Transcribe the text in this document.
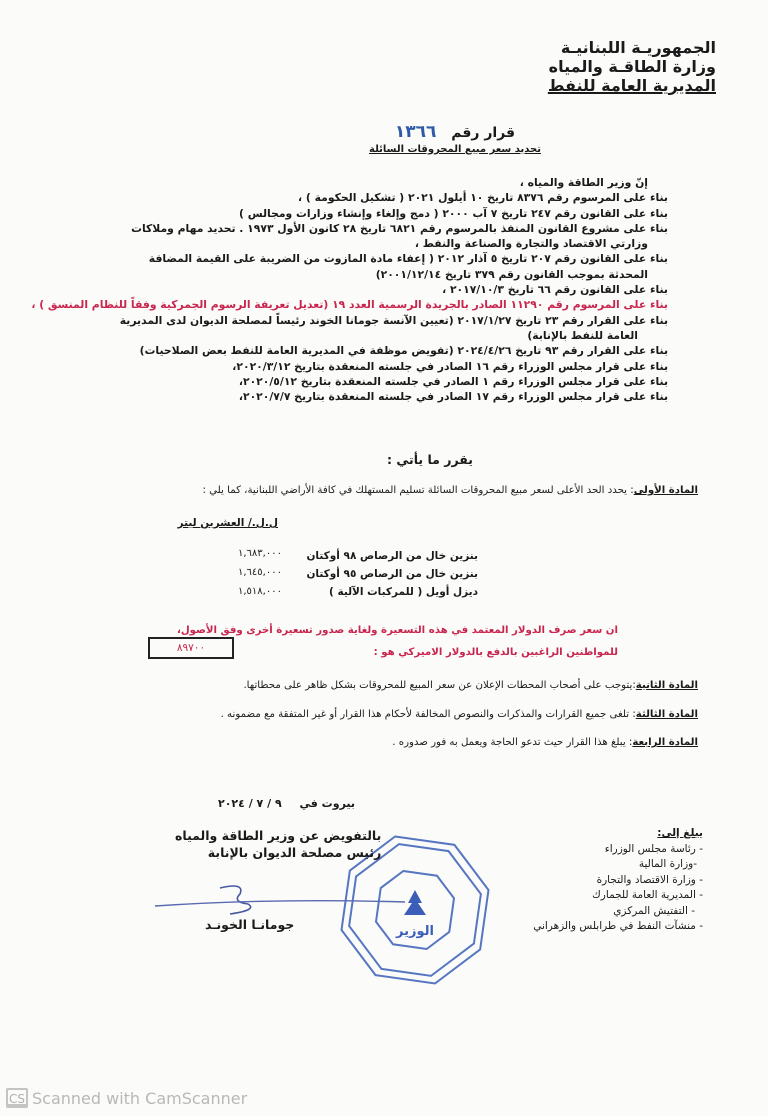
الجمهوريـة اللبنانيـة
وزارة الطاقـة والمياه
المديرية العامة للنفط
قرار رقم ١٣٦٦
تحديد سعر مبيع المحروقات السائلة
إنّ وزير الطاقة والمياه ،
بناء على المرسوم رقم ٨٣٧٦ تاريخ ١٠ أيلول ٢٠٢١ ( تشكيل الحكومة ) ،
بناء على القانون رقم ٢٤٧ تاريخ ٧ آب ٢٠٠٠ ( دمج وإلغاء وإنشاء وزارات ومجالس )
بناء على مشروع القانون المنفذ بالمرسوم رقم ٦٨٢١ تاريخ ٢٨ كانون الأول ١٩٧٣ . تحديد مهام وملاكات
وزارتي الاقتصاد والتجارة والصناعة والنفط ،
بناء على القانون رقم ٢٠٧ تاريخ ٥ آذار ٢٠١٢ ( إعفاء مادة المازوت من الضريبة على القيمة المضافة
المحدثة بموجب القانون رقم ٣٧٩ تاريخ ٢٠٠١/١٢/١٤)
بناء على القانون رقم ٦٦ تاريخ ٢٠١٧/١٠/٣ ،
بناء على المرسوم رقم ١١٢٩٠ الصادر بالجريدة الرسمية العدد ١٩ (تعديل تعريفة الرسوم الجمركية وفقاً للنظام المنسق ) ،
بناء على القرار رقم ٢٣ تاريخ ٢٠١٧/١/٢٧ (تعيين الآنسة جومانا الخوند رئيساً لمصلحة الديوان لدى المديرية
العامة للنفط بالإنابة)
بناء على القرار رقم ٩٣ تاريخ ٢٠٢٤/٤/٢٦ (تفويض موظفة في المديرية العامة للنفط بعض الصلاحيات)
بناء على قرار مجلس الوزراء رقم ١٦ الصادر في جلسته المنعقدة بتاريخ ٢٠٢٠/٣/١٢،
بناء على قرار مجلس الوزراء رقم ١ الصادر في جلسته المنعقدة بتاريخ ٢٠٢٠/٥/١٢،
بناء على قرار مجلس الوزراء رقم ١٧ الصادر في جلسته المنعقدة بتاريخ ٢٠٢٠/٧/٧،
يقرر ما يأتي :
المادة الأولى: يحدد الحد الأعلى لسعر مبيع المحروقات السائلة تسليم المستهلك في كافة الأراضي اللبنانية، كما يلي :
ل.ل./ العشرين ليتر
بنزين خال من الرصاص ٩٨ أوكتان
بنزين خال من الرصاص ٩٥ أوكتان
ديزل أويل ( للمركبات الآلية )
١,٦٨٣,٠٠٠
١,٦٤٥,٠٠٠
١,٥١٨,٠٠٠
ان سعر صرف الدولار المعتمد في هذه التسعيرة ولغاية صدور تسعيرة أخرى وفق الأصول،
للمواطنين الراغبين بالدفع بالدولار الاميركي هو :
٨٩٧٠٠
المادة الثانية:يتوجب على أصحاب المحطات الإعلان عن سعر المبيع للمحروقات بشكل ظاهر على محطاتها.
المادة الثالثة: تلغى جميع القرارات والمذكرات والنصوص المخالفة لأحكام هذا القرار أو غير المتفقة مع مضمونه .
المادة الرابعة: يبلغ هذا القرار حيث تدعو الحاجة ويعمل به فور صدوره .
بيروت في ٩ / ٧ / ٢٠٢٤
الوزير
بالتفويض عن وزير الطاقة والمياه
رئيس مصلحة الديوان بالإنابة
جومانـا الخونـد
يبلغ إلى:
- رئاسة مجلس الوزراء
-وزارة المالية
- وزارة الاقتصاد والتجارة
- المديرية العامة للجمارك
- التفتيش المركزي
- منشآت النفط في طرابلس والزهراني
CS Scanned with CamScanner
